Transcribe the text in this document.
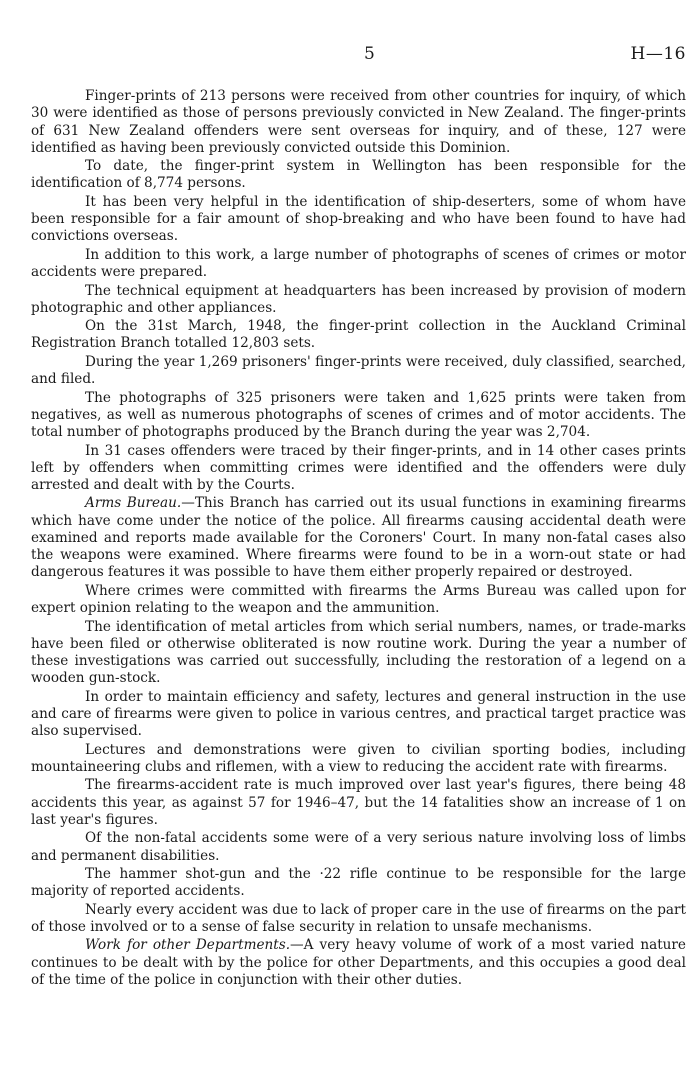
5	H—16

Finger-prints of 213 persons were received from other countries for inquiry, of which 30 were identified as those of persons previously convicted in New Zealand. The finger-prints of 631 New Zealand offenders were sent overseas for inquiry, and of these, 127 were identified as having been previously convicted outside this Dominion.

To date, the finger-print system in Wellington has been responsible for the identification of 8,774 persons.

It has been very helpful in the identification of ship-deserters, some of whom have been responsible for a fair amount of shop-breaking and who have been found to have had convictions overseas.

In addition to this work, a large number of photographs of scenes of crimes or motor accidents were prepared.

The technical equipment at headquarters has been increased by provision of modern photographic and other appliances.

On the 31st March, 1948, the finger-print collection in the Auckland Criminal Registration Branch totalled 12,803 sets.

During the year 1,269 prisoners' finger-prints were received, duly classified, searched, and filed.

The photographs of 325 prisoners were taken and 1,625 prints were taken from negatives, as well as numerous photographs of scenes of crimes and of motor accidents. The total number of photographs produced by the Branch during the year was 2,704.

In 31 cases offenders were traced by their finger-prints, and in 14 other cases prints left by offenders when committing crimes were identified and the offenders were duly arrested and dealt with by the Courts.

Arms Bureau.—This Branch has carried out its usual functions in examining firearms which have come under the notice of the police. All firearms causing accidental death were examined and reports made available for the Coroners' Court. In many non-fatal cases also the weapons were examined. Where firearms were found to be in a worn-out state or had dangerous features it was possible to have them either properly repaired or destroyed.

Where crimes were committed with firearms the Arms Bureau was called upon for expert opinion relating to the weapon and the ammunition.

The identification of metal articles from which serial numbers, names, or trade-marks have been filed or otherwise obliterated is now routine work. During the year a number of these investigations was carried out successfully, including the restoration of a legend on a wooden gun-stock.

In order to maintain efficiency and safety, lectures and general instruction in the use and care of firearms were given to police in various centres, and practical target practice was also supervised.

Lectures and demonstrations were given to civilian sporting bodies, including mountaineering clubs and riflemen, with a view to reducing the accident rate with firearms.

The firearms-accident rate is much improved over last year's figures, there being 48 accidents this year, as against 57 for 1946–47, but the 14 fatalities show an increase of 1 on last year's figures.

Of the non-fatal accidents some were of a very serious nature involving loss of limbs and permanent disabilities.

The hammer shot-gun and the ·22 rifle continue to be responsible for the large majority of reported accidents.

Nearly every accident was due to lack of proper care in the use of firearms on the part of those involved or to a sense of false security in relation to unsafe mechanisms.

Work for other Departments.—A very heavy volume of work of a most varied nature continues to be dealt with by the police for other Departments, and this occupies a good deal of the time of the police in conjunction with their other duties.
